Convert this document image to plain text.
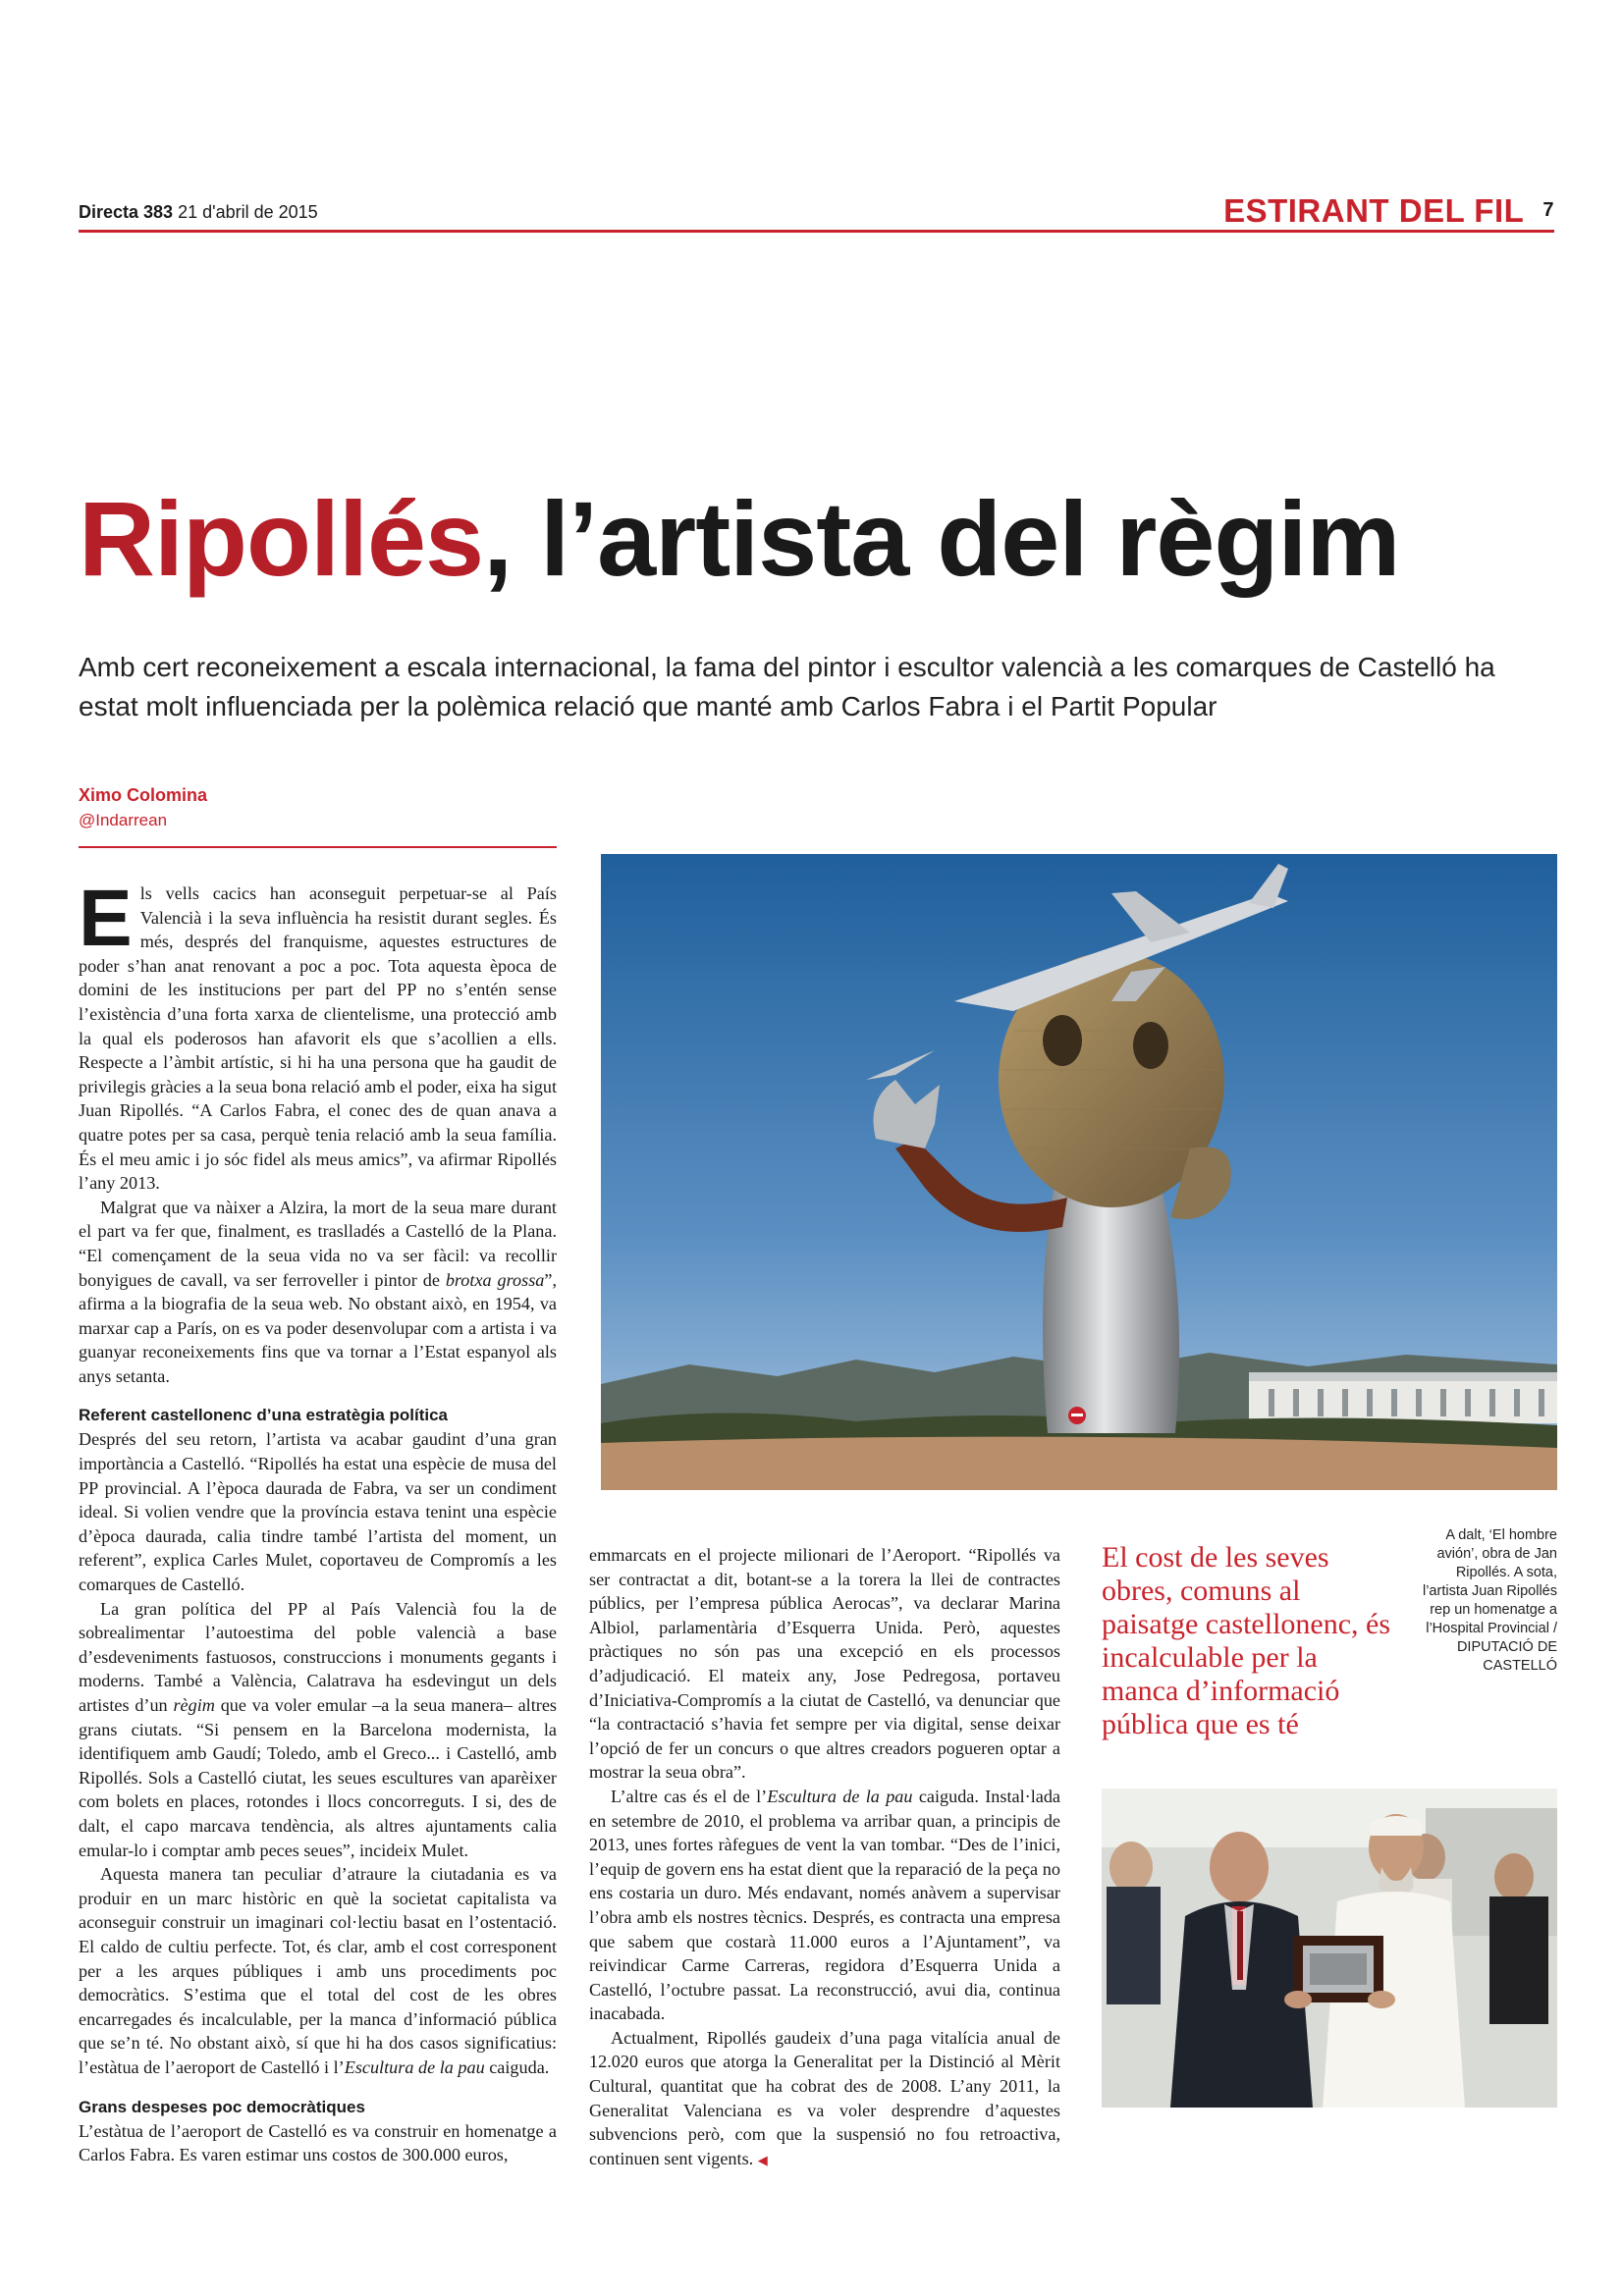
Directa 383 21 d'abril de 2015	ESTIRANT DEL FIL 7
Ripollés, l’artista del règim
Amb cert reconeixement a escala internacional, la fama del pintor i escultor valencià a les comarques de Castelló ha estat molt influenciada per la polèmica relació que manté amb Carlos Fabra i el Partit Popular
Ximo Colomina
@Indarrean

Els vells cacics han aconseguit perpetuar-se al País Valencià i la seva influència ha resistit durant segles. És més, després del franquisme, aquestes estructures de poder s’han anat renovant a poc a poc. Tota aquesta època de domini de les institucions per part del PP no s’entén sense l’existència d’una forta xarxa de clientelisme, una protecció amb la qual els poderosos han afavorit els que s’acollien a ells. Respecte a l’àmbit artístic, si hi ha una persona que ha gaudit de privilegis gràcies a la seua bona relació amb el poder, eixa ha sigut Juan Ripollés. “A Carlos Fabra, el conec des de quan anava a quatre potes per sa casa, perquè tenia relació amb la seua família. És el meu amic i jo sóc fidel als meus amics”, va afirmar Ripollés l’any 2013.

Malgrat que va nàixer a Alzira, la mort de la seua mare durant el part va fer que, finalment, es traslladés a Castelló de la Plana. “El començament de la seua vida no va ser fàcil: va recollir bonyigues de cavall, va ser ferroveller i pintor de brotxa grossa”, afirma a la biografia de la seua web. No obstant això, en 1954, va marxar cap a París, on es va poder desenvolupar com a artista i va guanyar reconeixements fins que va tornar a l’Estat espanyol als anys setanta.

Referent castellonenc d’una estratègia política

Després del seu retorn, l’artista va acabar gaudint d’una gran importància a Castelló. “Ripollés ha estat una espècie de musa del PP provincial. A l’època daurada de Fabra, va ser un condiment ideal. Si volien vendre que la província estava tenint una espècie d’època daurada, calia tindre també l’artista del moment, un referent”, explica Carles Mulet, coportaveu de Compromís a les comarques de Castelló.

La gran política del PP al País Valencià fou la de sobrealimentar l’autoestima del poble valencià a base d’esdeveniments fastuosos, construccions i monuments gegants i moderns. També a València, Calatrava ha esdevingut un dels artistes d’un règim que va voler emular –a la seua manera– altres grans ciutats. “Si pensem en la Barcelona modernista, la identifiquem amb Gaudí; Toledo, amb el Greco... i Castelló, amb Ripollés. Sols a Castelló ciutat, les seues escultures van aparèixer com bolets en places, rotondes i llocs concorreguts. I si, des de dalt, el capo marcava tendència, als altres ajuntaments calia emular-lo i comptar amb peces seues”, incideix Mulet.

Aquesta manera tan peculiar d’atraure la ciutadania es va produir en un marc històric en què la societat capitalista va aconseguir construir un imaginari col·lectiu basat en l’ostentació. El caldo de cultiu perfecte. Tot, és clar, amb el cost corresponent per a les arques públiques i amb uns procediments poc democràtics. S’estima que el total del cost de les obres encarregades és incalculable, per la manca d’informació pública que se’n té. No obstant això, sí que hi ha dos casos significatius: l’estàtua de l’aeroport de Castelló i l’Escultura de la pau caiguda.

Grans despeses poc democràtiques

L’estàtua de l’aeroport de Castelló es va construir en homenatge a Carlos Fabra. Es varen estimar uns costos de 300.000 euros,

emmarcats en el projecte milionari de l’Aeroport. “Ripollés va ser contractat a dit, botant-se a la torera la llei de contractes públics, per l’empresa pública Aerocas”, va declarar Marina Albiol, parlamentària d’Esquerra Unida. Però, aquestes pràctiques no són pas una excepció en els processos d’adjudicació. El mateix any, Jose Pedregosa, portaveu d’Iniciativa-Compromís a la ciutat de Castelló, va denunciar que “la contractació s’havia fet sempre per via digital, sense deixar l’opció de fer un concurs o que altres creadors pogueren optar a mostrar la seua obra”.

L’altre cas és el de l’Escultura de la pau caiguda. Instal·lada en setembre de 2010, el problema va arribar quan, a principis de 2013, unes fortes ràfegues de vent la van tombar. “Des de l’inici, l’equip de govern ens ha estat dient que la reparació de la peça no ens costaria un duro. Més endavant, només anàvem a supervisar l’obra amb els nostres tècnics. Després, es contracta una empresa que sabem que costarà 11.000 euros a l’Ajuntament”, va reivindicar Carme Carreras, regidora d’Esquerra Unida a Castelló, l’octubre passat. La reconstrucció, avui dia, continua inacabada.

Actualment, Ripollés gaudeix d’una paga vitalícia anual de 12.020 euros que atorga la Generalitat per la Distinció al Mèrit Cultural, quantitat que ha cobrat des de 2008. L’any 2011, la Generalitat Valenciana es va voler desprendre d’aquestes subvencions però, com que la suspensió no fou retroactiva, continuen sent vigents. ◀

El cost de les seves obres, comuns al paisatge castellonenc, és incalculable per la manca d’informació pública que es té
A dalt, ‘El hombre avión’, obra de Jan Ripollés. A sota, l’artista Juan Ripollés rep un homenatge a l’Hospital Provincial / DIPUTACIÓ DE CASTELLÓ
